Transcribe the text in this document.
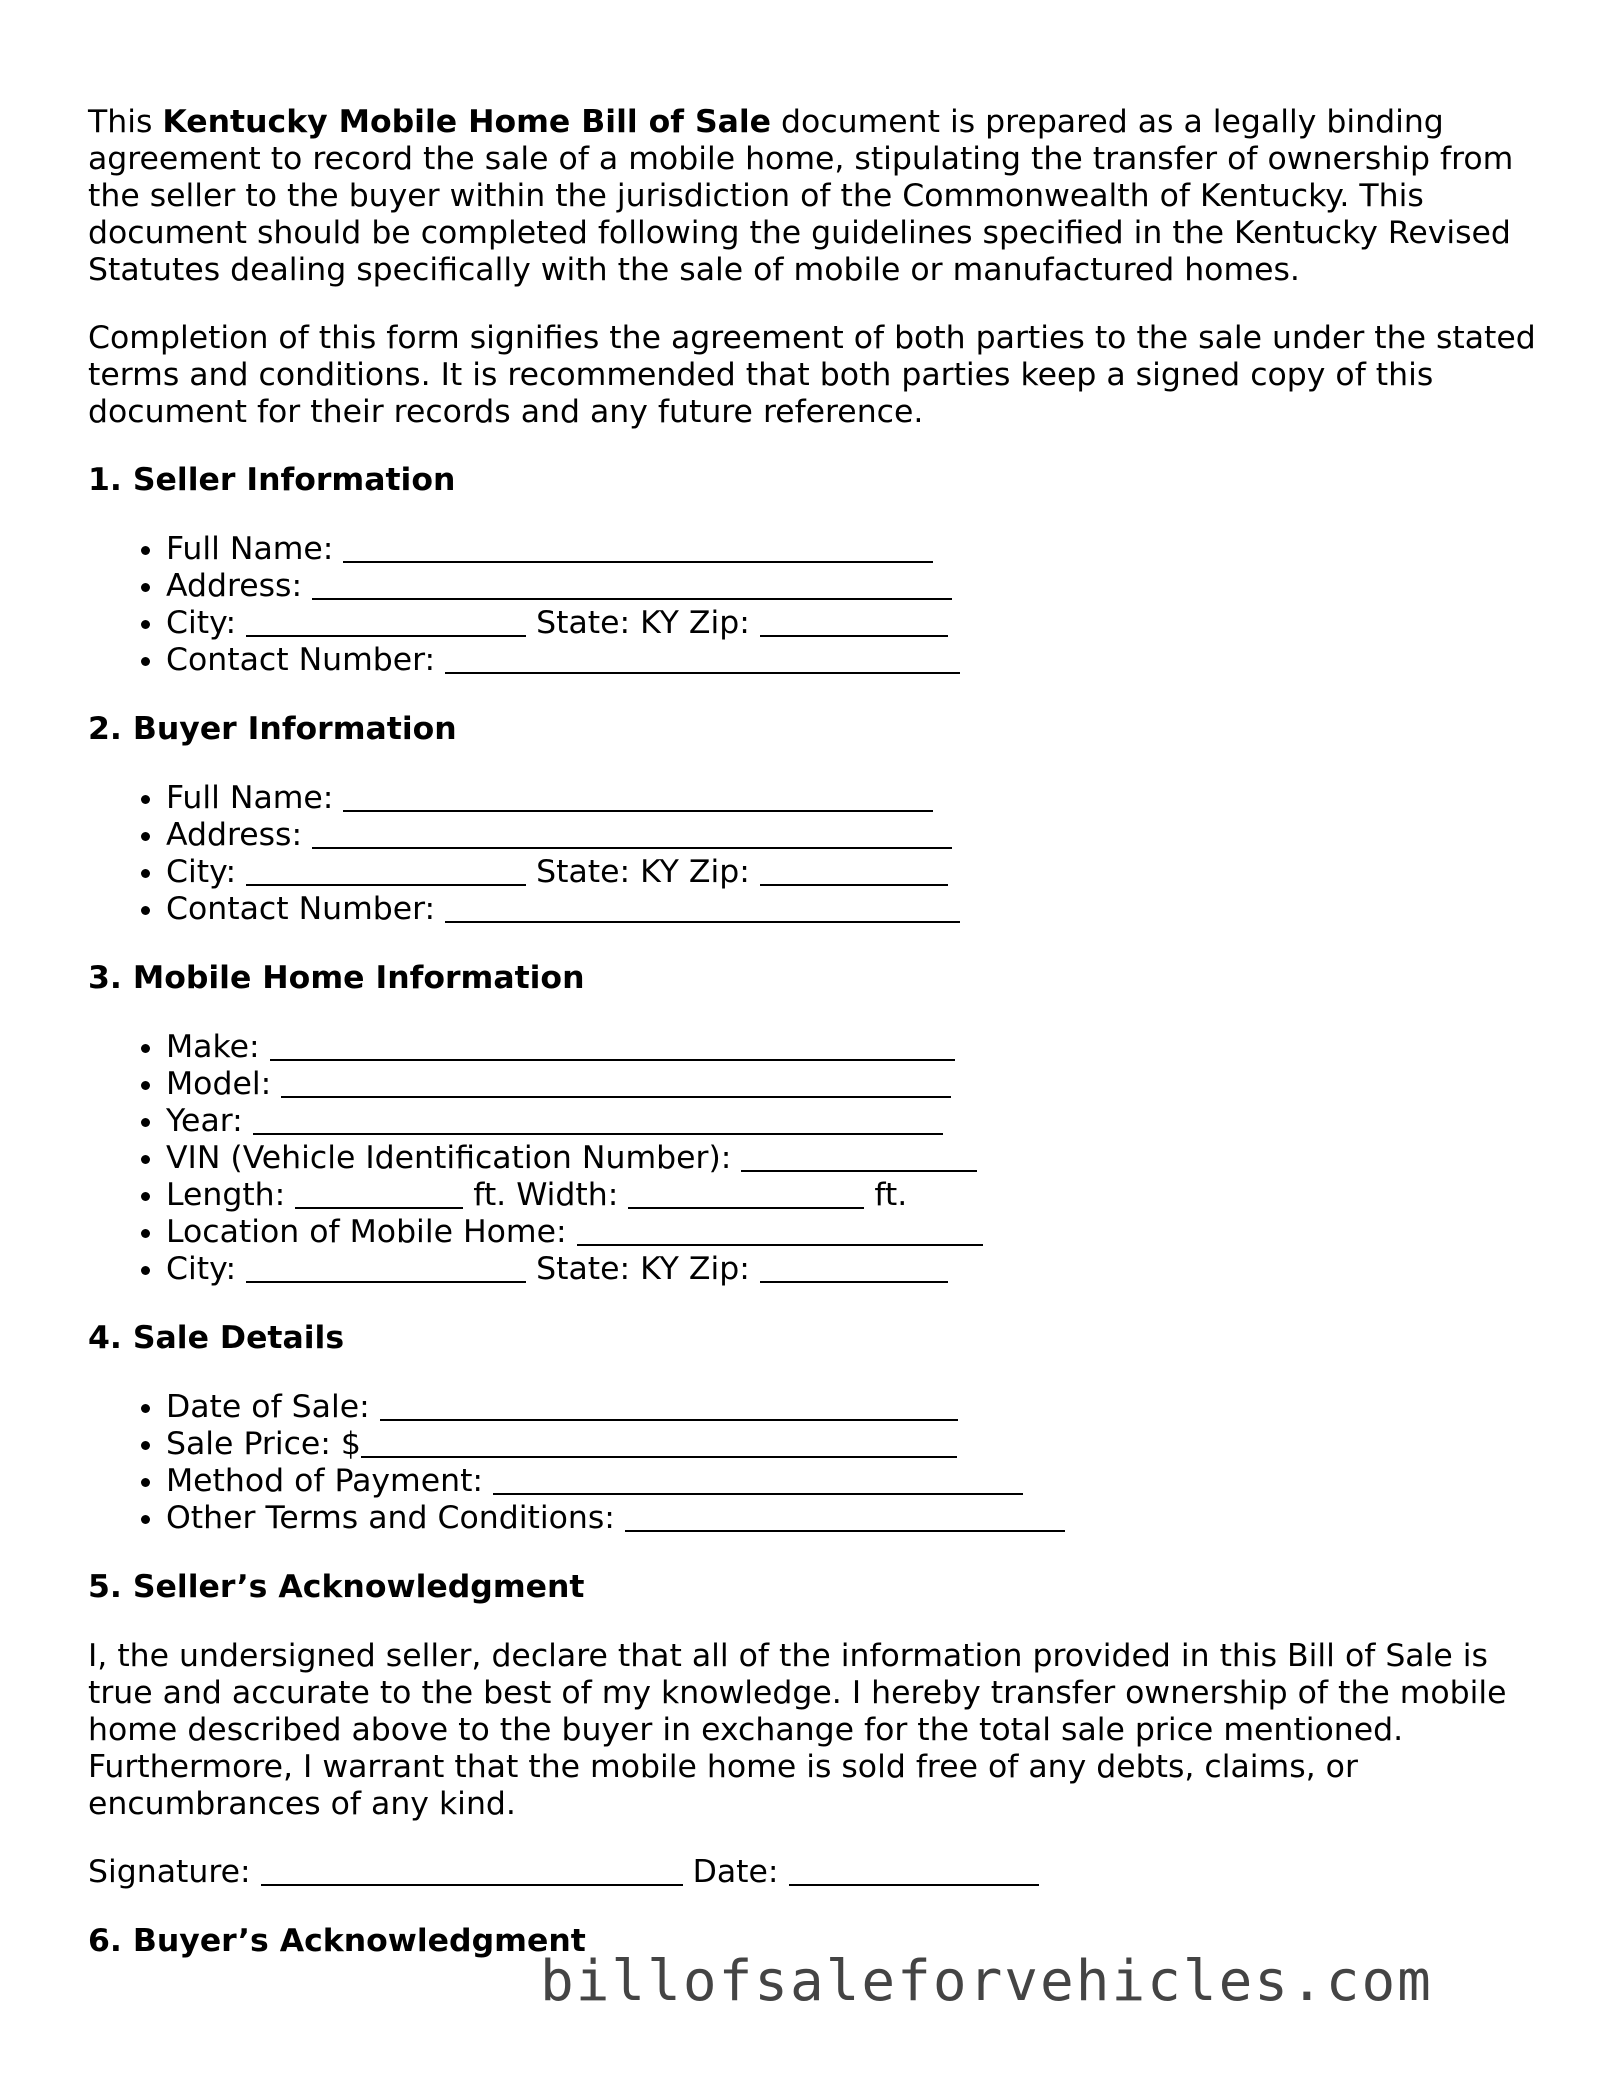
This Kentucky Mobile Home Bill of Sale document is prepared as a legally binding agreement to record the sale of a mobile home, stipulating the transfer of ownership from the seller to the buyer within the jurisdiction of the Commonwealth of Kentucky. This document should be completed following the guidelines specified in the Kentucky Revised Statutes dealing specifically with the sale of mobile or manufactured homes.

Completion of this form signifies the agreement of both parties to the sale under the stated terms and conditions. It is recommended that both parties keep a signed copy of this document for their records and any future reference.

1. Seller Information
• Full Name:
• Address:
• City:	State: KY Zip:
• Contact Number:
2. Buyer Information
• Full Name:
• Address:
• City:	State: KY Zip:
• Contact Number:
3. Mobile Home Information
• Make:
• Model:
• Year:
• VIN (Vehicle Identification Number):
• Length:	ft. Width:	ft.
• Location of Mobile Home:
• City:	State: KY Zip:
4. Sale Details
• Date of Sale:
• Sale Price: $
• Method of Payment:
• Other Terms and Conditions:
5. Seller’s Acknowledgment

I, the undersigned seller, declare that all of the information provided in this Bill of Sale is true and accurate to the best of my knowledge. I hereby transfer ownership of the mobile home described above to the buyer in exchange for the total sale price mentioned. Furthermore, I warrant that the mobile home is sold free of any debts, claims, or encumbrances of any kind.

Signature:	Date:
6. Buyer’s Acknowledgment
billofsaleforvehicles.com
